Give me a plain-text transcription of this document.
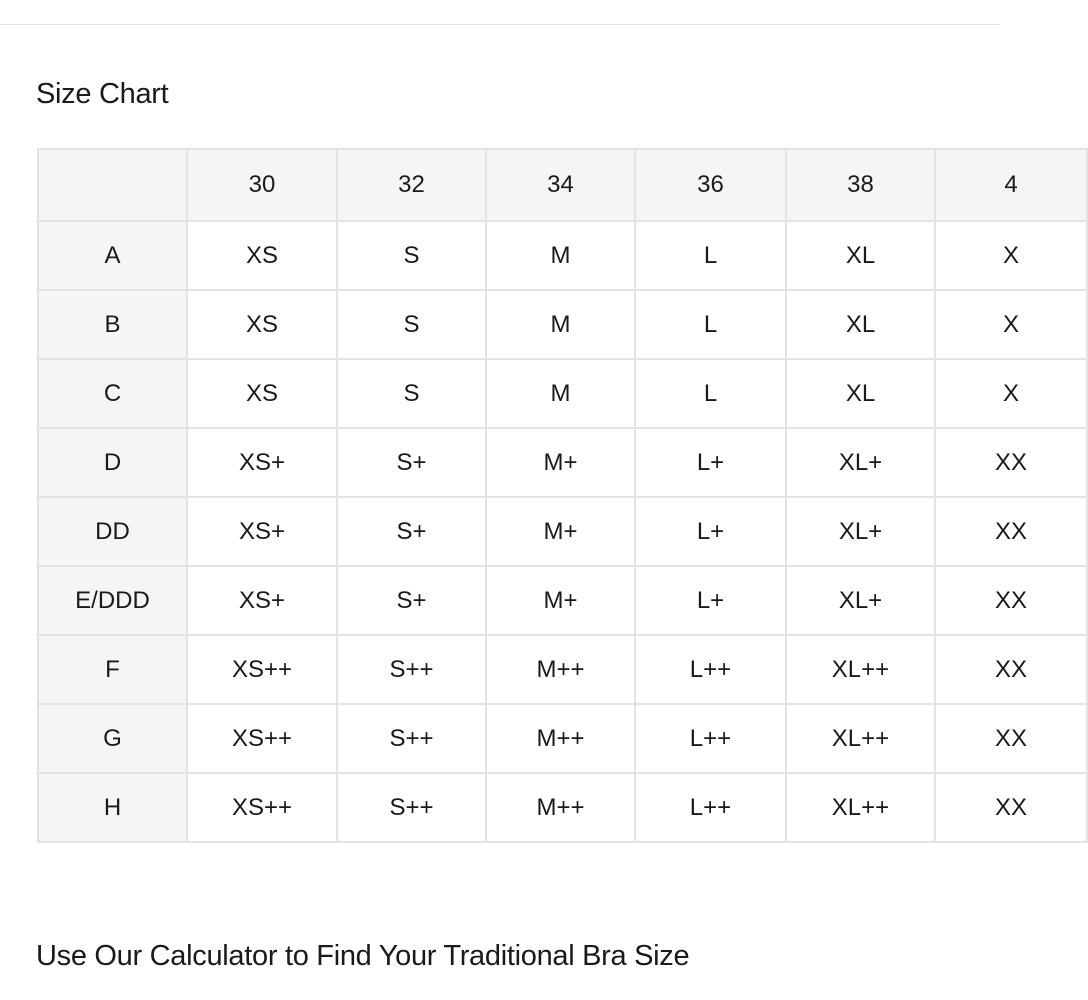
Size Chart
	30	32	34	36	38	4
A	XS	S	M	L	XL	X
B	XS	S	M	L	XL	X
C	XS	S	M	L	XL	X
D	XS+	S+	M+	L+	XL+	XX
DD	XS+	S+	M+	L+	XL+	XX
E/DDD	XS+	S+	M+	L+	XL+	XX
F	XS++	S++	M++	L++	XL++	XX
G	XS++	S++	M++	L++	XL++	XX
H	XS++	S++	M++	L++	XL++	XX
Use Our Calculator to Find Your Traditional Bra Size
